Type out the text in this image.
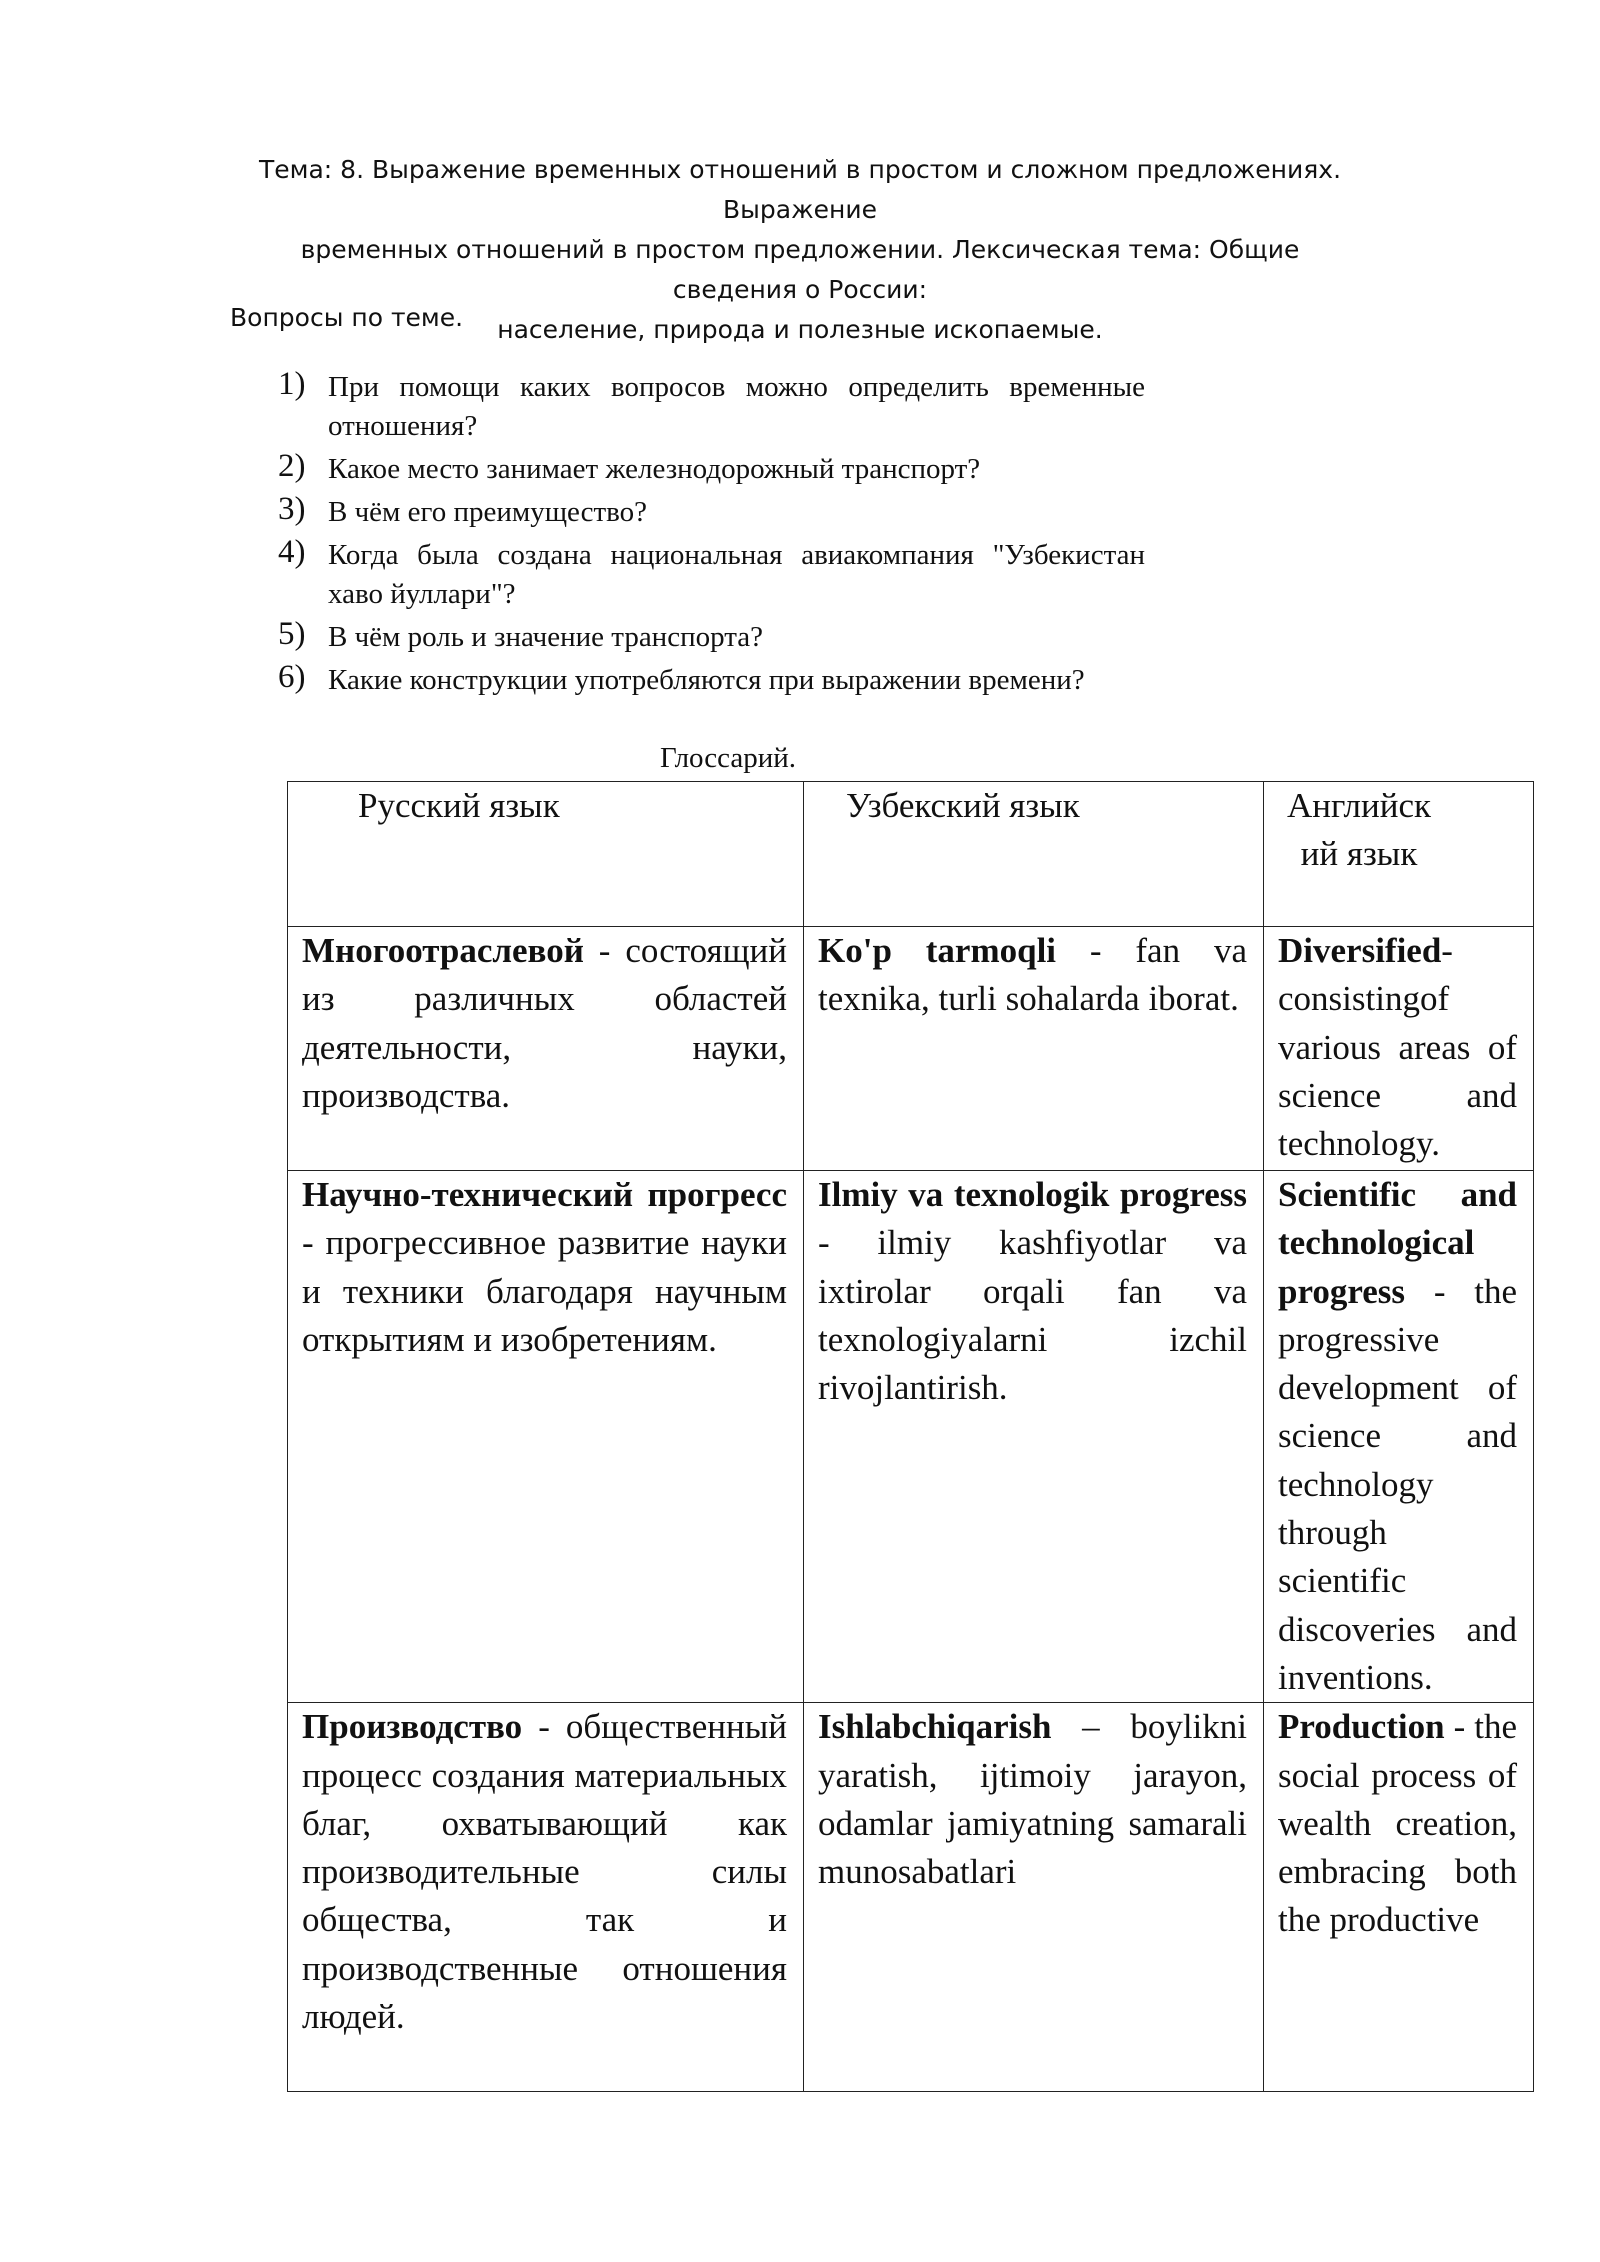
Тема: 8. Выражение временных отношений в простом и сложном предложениях. Выражение
временных отношений в простом предложении. Лексическая тема: Общие сведения о России:
население, природа и полезные ископаемые.
Вопросы по теме.
1) При помощи каких вопросов можно определить временные отношения?
2) Какое место занимает железнодорожный транспорт?
3) В чём его преимущество?
4) Когда была создана национальная авиакомпания "Узбекистан хаво йуллари"?
5) В чём роль и значение транспорта?
6) Какие конструкции употребляются при выражении времени?
Глоссарий.
Русский язык	Узбекский язык	Английский язык

Многоотраслевой - состоящий из различных областей деятельности, науки, производства.	Ko'p tarmoqli - fan va texnika, turli sohalarda iborat.	Diversified- consistingof various areas of science and technology.
Научно-технический прогресс - прогрессивное развитие науки и техники благодаря научным открытиям и изобретениям.	Ilmiy va texnologik progress - ilmiy kashfiyotlar va ixtirolar orqali fan va texnologiyalarni izchil rivojlantirish.	Scientific and technological progress - the progressive development of science and technology through scientific discoveries and inventions.
Производство - общественный процесс создания материальных благ, охватывающий как производительные силы общества, так и производственные отношения людей.	Ishlabchiqarish – boylikni yaratish, ijtimoiy jarayon, odamlar jamiyatning samarali munosabatlari	Production - the social process of wealth creation, embracing both the productive
